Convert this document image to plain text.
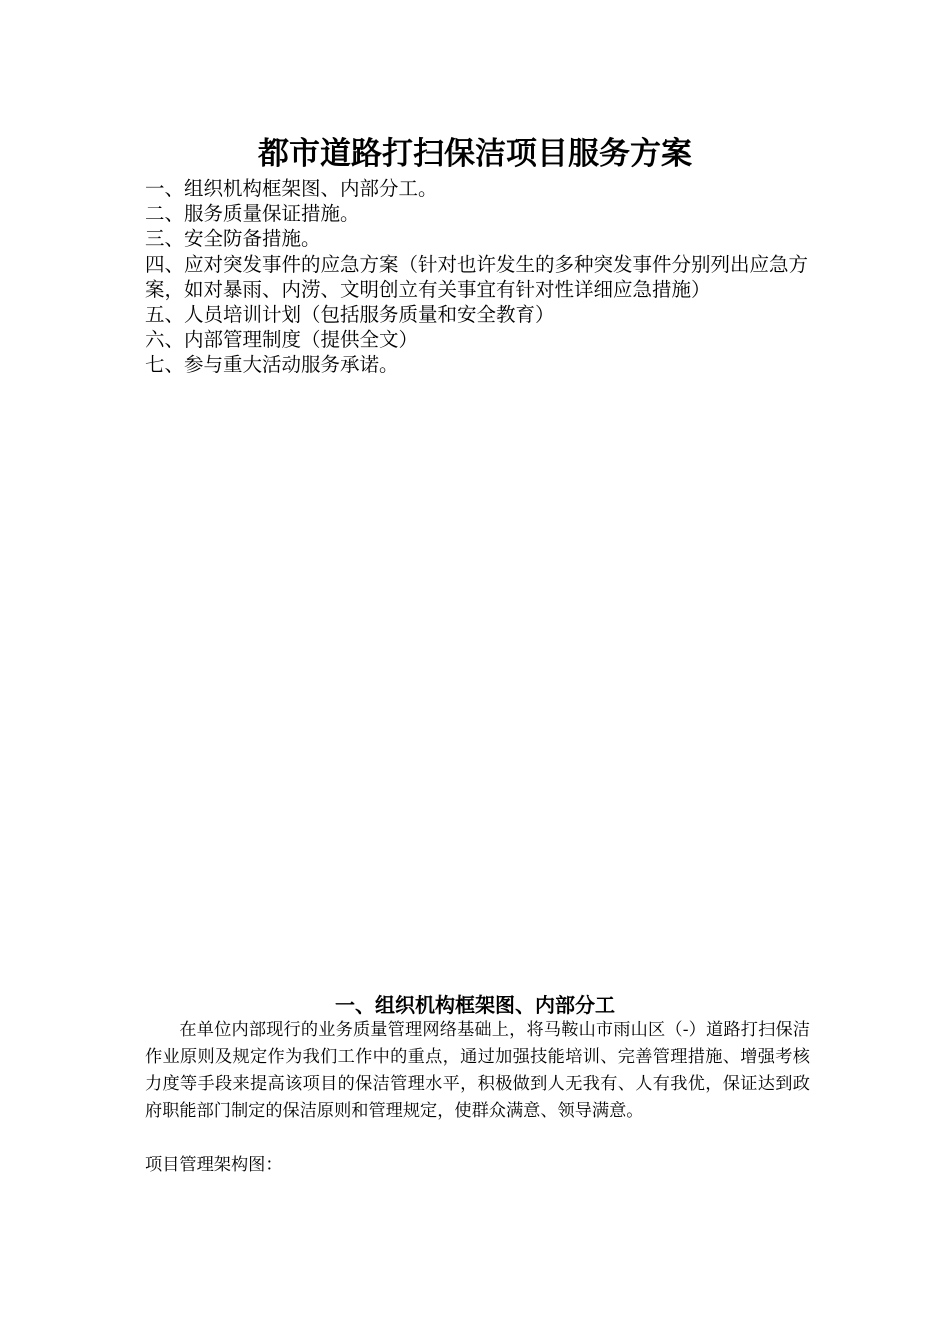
都市道路打扫保洁项目服务方案
一、组织机构框架图、内部分工。
二、服务质量保证措施。
三、安全防备措施。
四、应对突发事件的应急方案（针对也许发生的多种突发事件分别列出应急方案，如对暴雨、内涝、文明创立有关事宜有针对性详细应急措施）
五、人员培训计划（包括服务质量和安全教育）
六、内部管理制度（提供全文）
七、参与重大活动服务承诺。
一、组织机构框架图、内部分工

在单位内部现行的业务质量管理网络基础上，将马鞍山市雨山区（-）道路打扫保洁作业原则及规定作为我们工作中的重点，通过加强技能培训、完善管理措施、增强考核力度等手段来提高该项目的保洁管理水平，积极做到人无我有、人有我优，保证达到政府职能部门制定的保洁原则和管理规定，使群众满意、领导满意。

项目管理架构图：
